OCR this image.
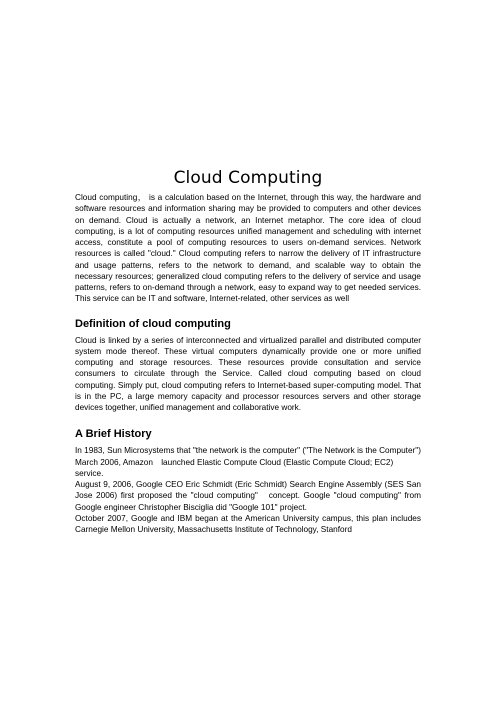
Cloud Computing

Cloud computing， is a calculation based on the Internet, through this way, the hardware and software resources and information sharing may be provided to computers and other devices on demand. Cloud is actually a network, an Internet metaphor. The core idea of cloud computing, is a lot of computing resources unified management and scheduling with internet access, constitute a pool of computing resources to users on-demand services. Network resources is called "cloud." Cloud computing refers to narrow the delivery of IT infrastructure and usage patterns, refers to the network to demand, and scalable way to obtain the necessary resources; generalized cloud computing refers to the delivery of service and usage patterns, refers to on-demand through a network, easy to expand way to get needed services. This service can be IT and software, Internet-related, other services as well

Definition of cloud computing

Cloud is linked by a series of interconnected and virtualized parallel and distributed computer system mode thereof. These virtual computers dynamically provide one or more unified computing and storage resources. These resources provide consultation and service consumers to circulate through the Service. Called cloud computing based on cloud computing. Simply put, cloud computing refers to Internet-based super-computing model. That is in the PC, a large memory capacity and processor resources servers and other storage devices together, unified management and collaborative work.

A Brief History

In 1983, Sun Microsystems that "the network is the computer" ("The Network is the Computer")

March 2006, Amazon　launched Elastic Compute Cloud (Elastic Compute Cloud; EC2) service.

August 9, 2006, Google CEO Eric Schmidt (Eric Schmidt) Search Engine Assembly (SES San Jose 2006) first proposed the "cloud computing"　concept. Google "cloud computing" from Google engineer Christopher Bisciglia did "Google 101" project.

October 2007, Google and IBM began at the American University campus, this plan includes Carnegie Mellon University, Massachusetts Institute of Technology, Stanford
